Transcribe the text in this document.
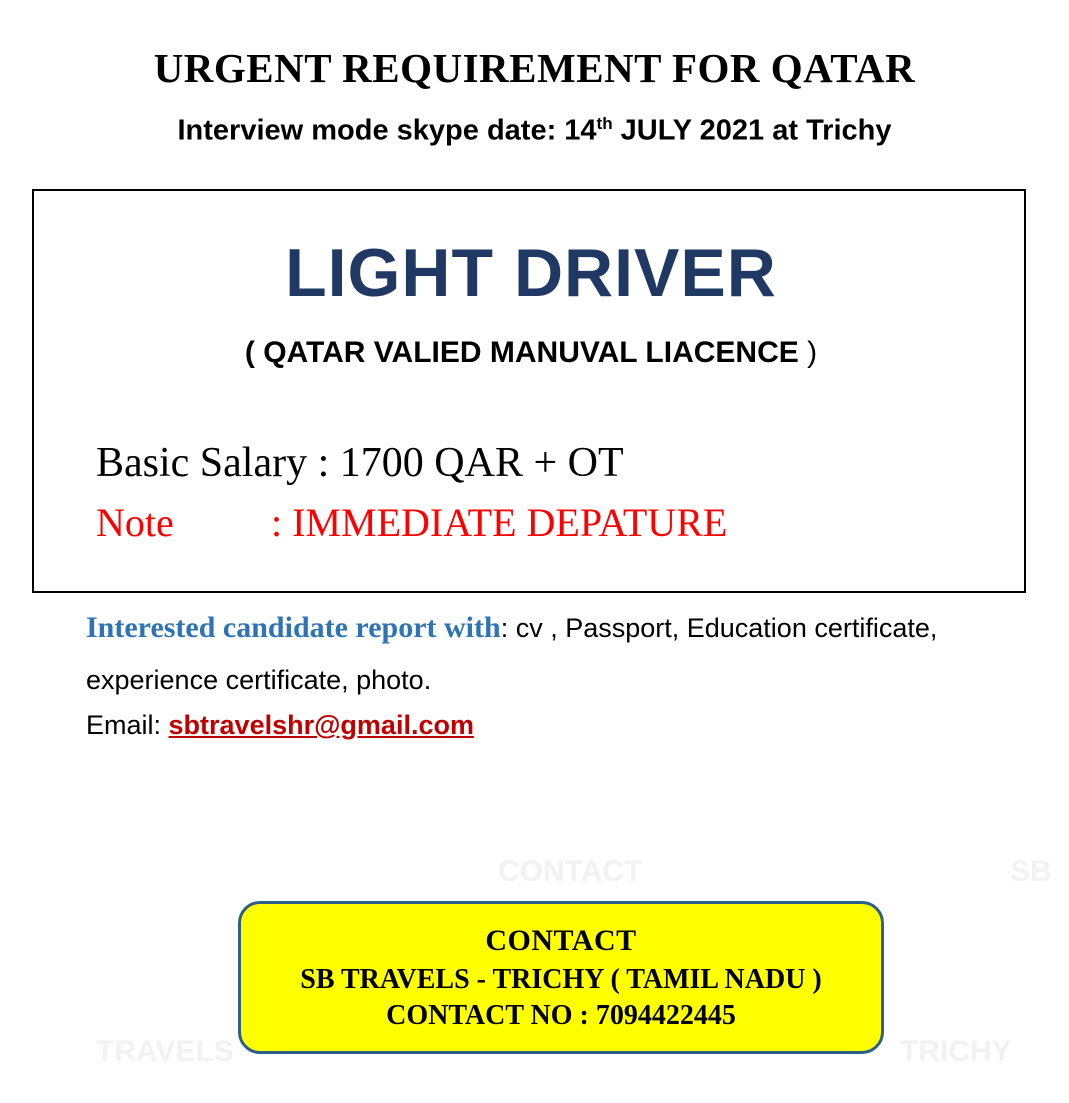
URGENT REQUIREMENT FOR QATAR
Interview mode skype date: 14th JULY 2021 at Trichy
LIGHT DRIVER
( QATAR VALIED MANUVAL LIACENCE )
Basic Salary : 1700 QAR + OT
Note : IMMEDIATE DEPATURE
Interested candidate report with: cv , Passport, Education certificate, experience certificate, photo.
Email: sbtravelshr@gmail.com
CONTACT	SB
TRAVELS	TRICHY
CONTACT
SB TRAVELS - TRICHY ( TAMIL NADU )
CONTACT NO : 7094422445
